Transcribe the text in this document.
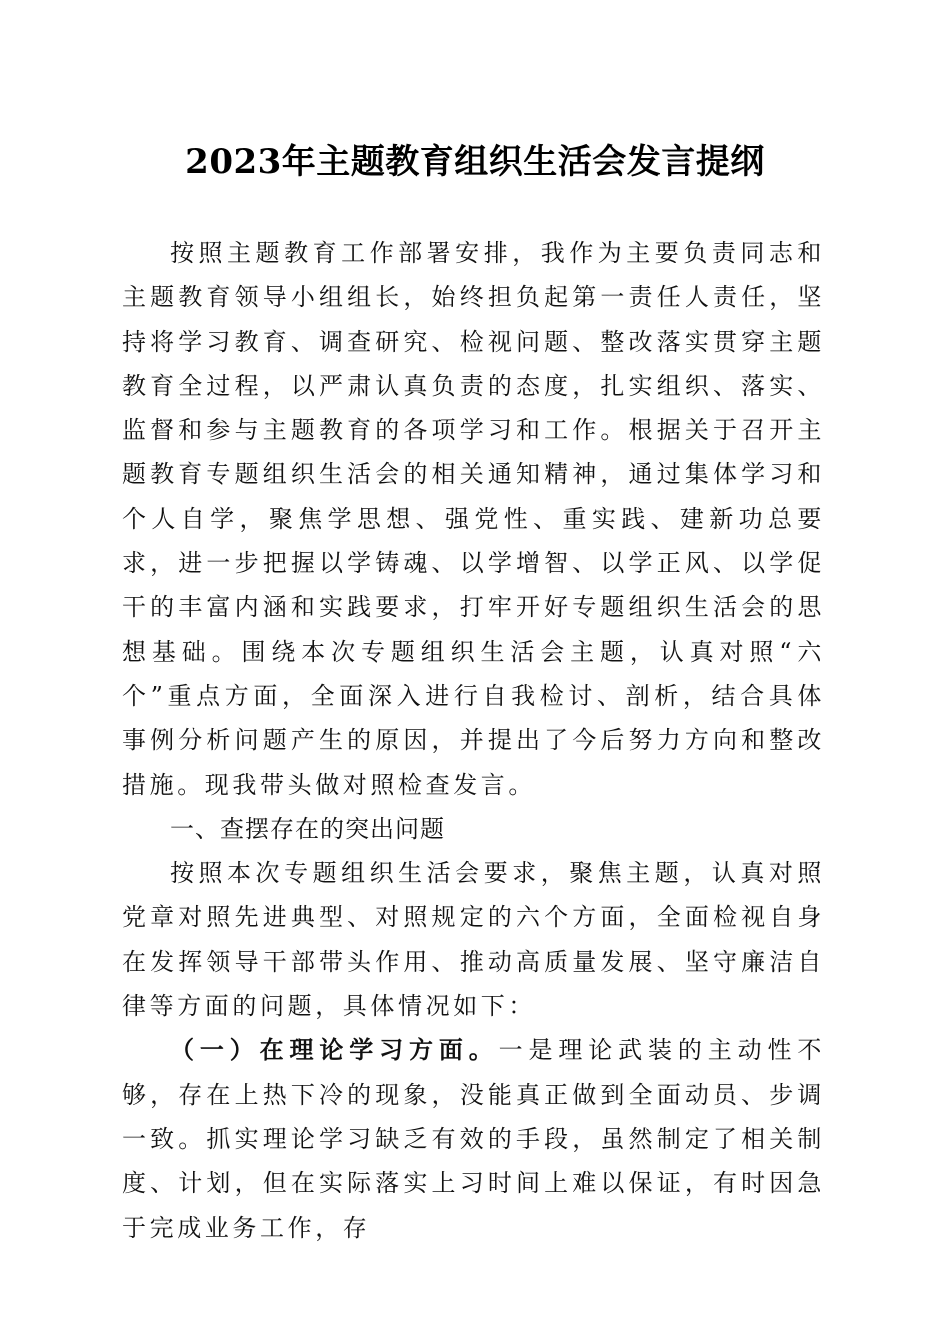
2023年主题教育组织生活会发言提纲

按照主题教育工作部署安排，我作为主要负责同志和主题教育领导小组组长，始终担负起第一责任人责任，坚持将学习教育、调查研究、检视问题、整改落实贯穿主题教育全过程，以严肃认真负责的态度，扎实组织、落实、监督和参与主题教育的各项学习和工作。根据关于召开主题教育专题组织生活会的相关通知精神，通过集体学习和个人自学，聚焦学思想、强党性、重实践、建新功总要求，进一步把握以学铸魂、以学增智、以学正风、以学促干的丰富内涵和实践要求，打牢开好专题组织生活会的思想基础。围绕本次专题组织生活会主题，认真对照“六个”重点方面，全面深入进行自我检讨、剖析，结合具体事例分析问题产生的原因，并提出了今后努力方向和整改措施。现我带头做对照检查发言。

一、查摆存在的突出问题

按照本次专题组织生活会要求，聚焦主题，认真对照党章对照先进典型、对照规定的六个方面，全面检视自身在发挥领导干部带头作用、推动高质量发展、坚守廉洁自律等方面的问题，具体情况如下：

（一）在理论学习方面。一是理论武装的主动性不够，存在上热下冷的现象，没能真正做到全面动员、步调一致。抓实理论学习缺乏有效的手段，虽然制定了相关制度、计划，但在实际落实上习时间上难以保证，有时因急于完成业务工作，存
